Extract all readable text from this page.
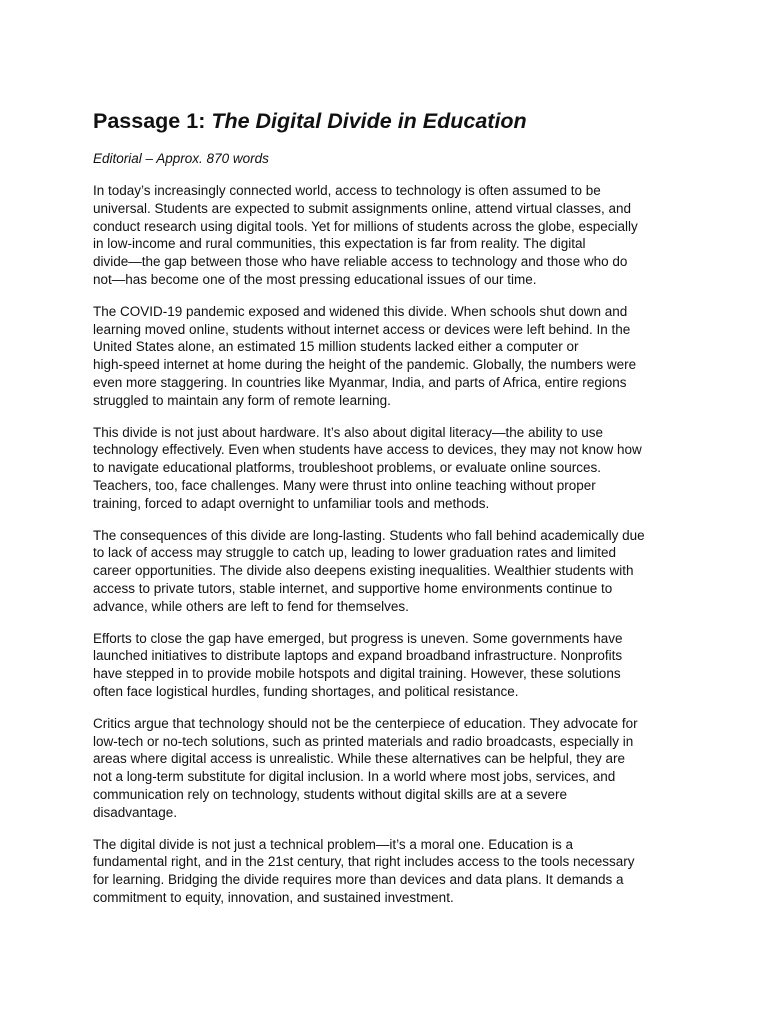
Passage 1: The Digital Divide in Education

Editorial – Approx. 870 words

In today’s increasingly connected world, access to technology is often assumed to be
universal. Students are expected to submit assignments online, attend virtual classes, and
conduct research using digital tools. Yet for millions of students across the globe, especially
in low-income and rural communities, this expectation is far from reality. The digital
divide—the gap between those who have reliable access to technology and those who do
not—has become one of the most pressing educational issues of our time.

The COVID-19 pandemic exposed and widened this divide. When schools shut down and
learning moved online, students without internet access or devices were left behind. In the
United States alone, an estimated 15 million students lacked either a computer or
high-speed internet at home during the height of the pandemic. Globally, the numbers were
even more staggering. In countries like Myanmar, India, and parts of Africa, entire regions
struggled to maintain any form of remote learning.

This divide is not just about hardware. It’s also about digital literacy—the ability to use
technology effectively. Even when students have access to devices, they may not know how
to navigate educational platforms, troubleshoot problems, or evaluate online sources.
Teachers, too, face challenges. Many were thrust into online teaching without proper
training, forced to adapt overnight to unfamiliar tools and methods.

The consequences of this divide are long-lasting. Students who fall behind academically due
to lack of access may struggle to catch up, leading to lower graduation rates and limited
career opportunities. The divide also deepens existing inequalities. Wealthier students with
access to private tutors, stable internet, and supportive home environments continue to
advance, while others are left to fend for themselves.

Efforts to close the gap have emerged, but progress is uneven. Some governments have
launched initiatives to distribute laptops and expand broadband infrastructure. Nonprofits
have stepped in to provide mobile hotspots and digital training. However, these solutions
often face logistical hurdles, funding shortages, and political resistance.

Critics argue that technology should not be the centerpiece of education. They advocate for
low-tech or no-tech solutions, such as printed materials and radio broadcasts, especially in
areas where digital access is unrealistic. While these alternatives can be helpful, they are
not a long-term substitute for digital inclusion. In a world where most jobs, services, and
communication rely on technology, students without digital skills are at a severe
disadvantage.

The digital divide is not just a technical problem—it’s a moral one. Education is a
fundamental right, and in the 21st century, that right includes access to the tools necessary
for learning. Bridging the divide requires more than devices and data plans. It demands a
commitment to equity, innovation, and sustained investment.
